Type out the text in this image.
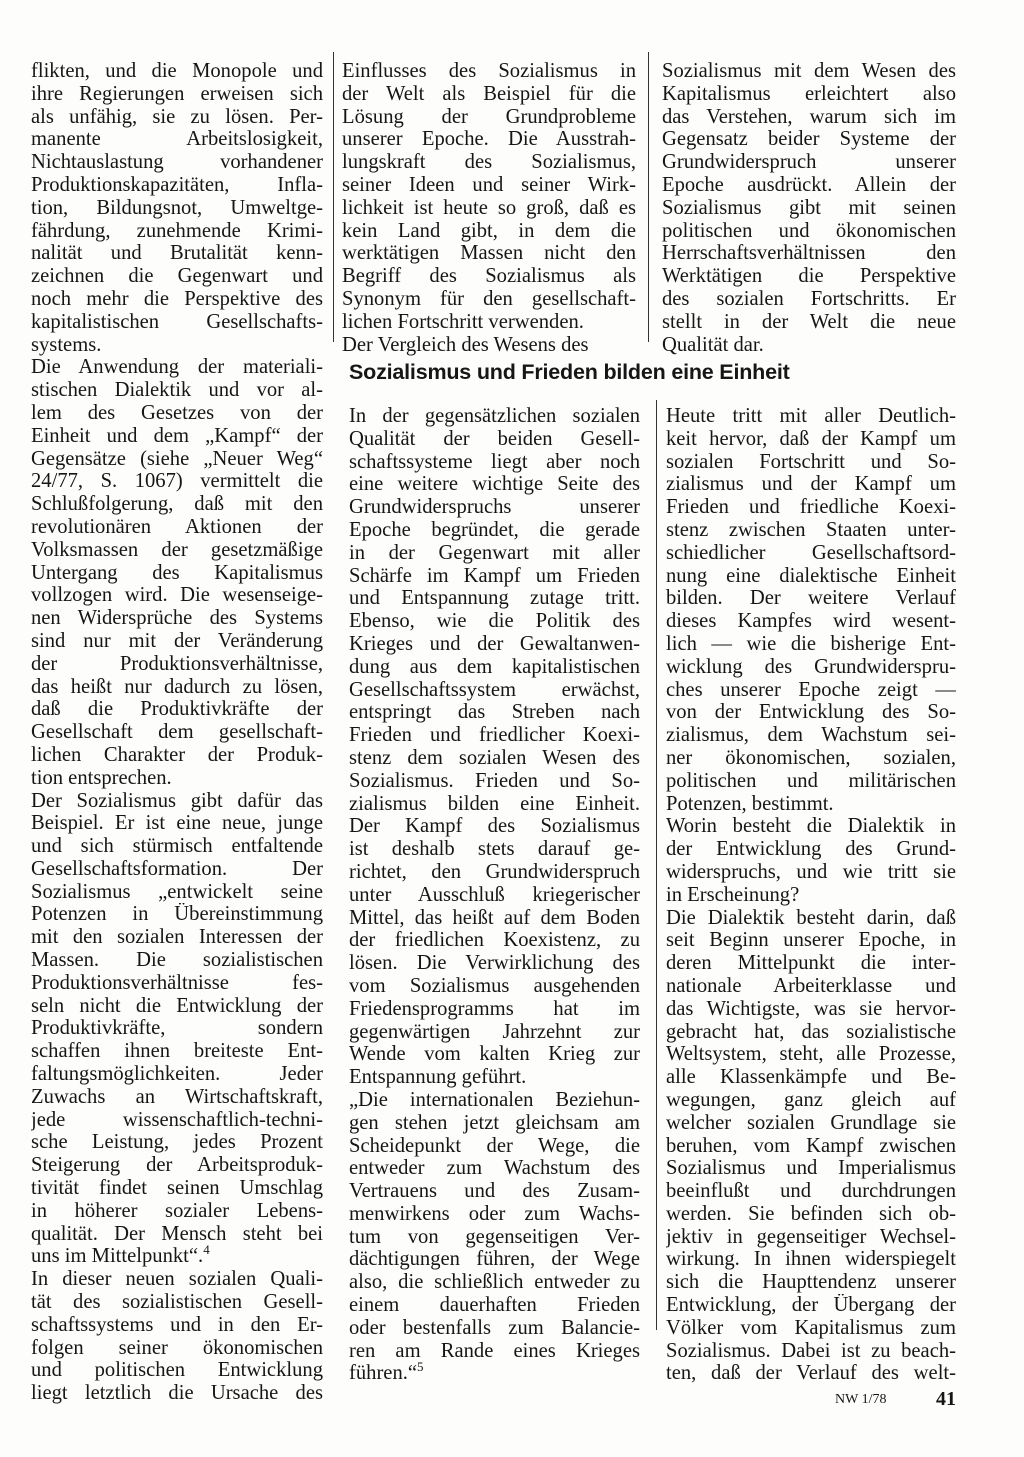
flikten, und die Monopole und
ihre Regierungen erweisen sich
als unfähig, sie zu lösen. Per-
manente Arbeitslosigkeit,
Nichtauslastung vorhandener
Produktionskapazitäten, Infla-
tion, Bildungsnot, Umweltge-
fährdung, zunehmende Krimi-
nalität und Brutalität kenn-
zeichnen die Gegenwart und
noch mehr die Perspektive des
kapitalistischen Gesellschafts-
systems.
Die Anwendung der materiali-
stischen Dialektik und vor al-
lem des Gesetzes von der
Einheit und dem „Kampf“ der
Gegensätze (siehe „Neuer Weg“
24/77, S. 1067) vermittelt die
Schlußfolgerung, daß mit den
revolutionären Aktionen der
Volksmassen der gesetzmäßige
Untergang des Kapitalismus
vollzogen wird. Die wesenseige-
nen Widersprüche des Systems
sind nur mit der Veränderung
der Produktionsverhältnisse,
das heißt nur dadurch zu lösen,
daß die Produktivkräfte der
Gesellschaft dem gesellschaft-
lichen Charakter der Produk-
tion entsprechen.
Der Sozialismus gibt dafür das
Beispiel. Er ist eine neue, junge
und sich stürmisch entfaltende
Gesellschaftsformation. Der
Sozialismus „entwickelt seine
Potenzen in Übereinstimmung
mit den sozialen Interessen der
Massen. Die sozialistischen
Produktionsverhältnisse fes-
seln nicht die Entwicklung der
Produktivkräfte, sondern
schaffen ihnen breiteste Ent-
faltungsmöglichkeiten. Jeder
Zuwachs an Wirtschaftskraft,
jede wissenschaftlich-techni-
sche Leistung, jedes Prozent
Steigerung der Arbeitsproduk-
tivität findet seinen Umschlag
in höherer sozialer Lebens-
qualität. Der Mensch steht bei
uns im Mittelpunkt“.$^4$
In dieser neuen sozialen Quali-
tät des sozialistischen Gesell-
schaftssystems und in den Er-
folgen seiner ökonomischen
und politischen Entwicklung
liegt letztlich die Ursache des
Einflusses des Sozialismus in
der Welt als Beispiel für die
Lösung der Grundprobleme
unserer Epoche. Die Ausstrah-
lungskraft des Sozialismus,
seiner Ideen und seiner Wirk-
lichkeit ist heute so groß, daß es
kein Land gibt, in dem die
werktätigen Massen nicht den
Begriff des Sozialismus als
Synonym für den gesellschaft-
lichen Fortschritt verwenden.
Der Vergleich des Wesens des
Sozialismus mit dem Wesen des
Kapitalismus erleichtert also
das Verstehen, warum sich im
Gegensatz beider Systeme der
Grundwiderspruch unserer
Epoche ausdrückt. Allein der
Sozialismus gibt mit seinen
politischen und ökonomischen
Herrschaftsverhältnissen den
Werktätigen die Perspektive
des sozialen Fortschritts. Er
stellt in der Welt die neue
Qualität dar.
Sozialismus und Frieden bilden eine Einheit
In der gegensätzlichen sozialen
Qualität der beiden Gesell-
schaftssysteme liegt aber noch
eine weitere wichtige Seite des
Grundwiderspruchs unserer
Epoche begründet, die gerade
in der Gegenwart mit aller
Schärfe im Kampf um Frieden
und Entspannung zutage tritt.
Ebenso, wie die Politik des
Krieges und der Gewaltanwen-
dung aus dem kapitalistischen
Gesellschaftssystem erwächst,
entspringt das Streben nach
Frieden und friedlicher Koexi-
stenz dem sozialen Wesen des
Sozialismus. Frieden und So-
zialismus bilden eine Einheit.
Der Kampf des Sozialismus
ist deshalb stets darauf ge-
richtet, den Grundwiderspruch
unter Ausschluß kriegerischer
Mittel, das heißt auf dem Boden
der friedlichen Koexistenz, zu
lösen. Die Verwirklichung des
vom Sozialismus ausgehenden
Friedensprogramms hat im
gegenwärtigen Jahrzehnt zur
Wende vom kalten Krieg zur
Entspannung geführt.
„Die internationalen Beziehun-
gen stehen jetzt gleichsam am
Scheidepunkt der Wege, die
entweder zum Wachstum des
Vertrauens und des Zusam-
menwirkens oder zum Wachs-
tum von gegenseitigen Ver-
dächtigungen führen, der Wege
also, die schließlich entweder zu
einem dauerhaften Frieden
oder bestenfalls zum Balancie-
ren am Rande eines Krieges
führen.“$^5$
Heute tritt mit aller Deutlich-
keit hervor, daß der Kampf um
sozialen Fortschritt und So-
zialismus und der Kampf um
Frieden und friedliche Koexi-
stenz zwischen Staaten unter-
schiedlicher Gesellschaftsord-
nung eine dialektische Einheit
bilden. Der weitere Verlauf
dieses Kampfes wird wesent-
lich — wie die bisherige Ent-
wicklung des Grundwiderspru-
ches unserer Epoche zeigt —
von der Entwicklung des So-
zialismus, dem Wachstum sei-
ner ökonomischen, sozialen,
politischen und militärischen
Potenzen, bestimmt.
Worin besteht die Dialektik in
der Entwicklung des Grund-
widerspruchs, und wie tritt sie
in Erscheinung?
Die Dialektik besteht darin, daß
seit Beginn unserer Epoche, in
deren Mittelpunkt die inter-
nationale Arbeiterklasse und
das Wichtigste, was sie hervor-
gebracht hat, das sozialistische
Weltsystem, steht, alle Prozesse,
alle Klassenkämpfe und Be-
wegungen, ganz gleich auf
welcher sozialen Grundlage sie
beruhen, vom Kampf zwischen
Sozialismus und Imperialismus
beeinflußt und durchdrungen
werden. Sie befinden sich ob-
jektiv in gegenseitiger Wechsel-
wirkung. In ihnen widerspiegelt
sich die Haupttendenz unserer
Entwicklung, der Übergang der
Völker vom Kapitalismus zum
Sozialismus. Dabei ist zu beach-
ten, daß der Verlauf des welt-
NW 1/78 41
